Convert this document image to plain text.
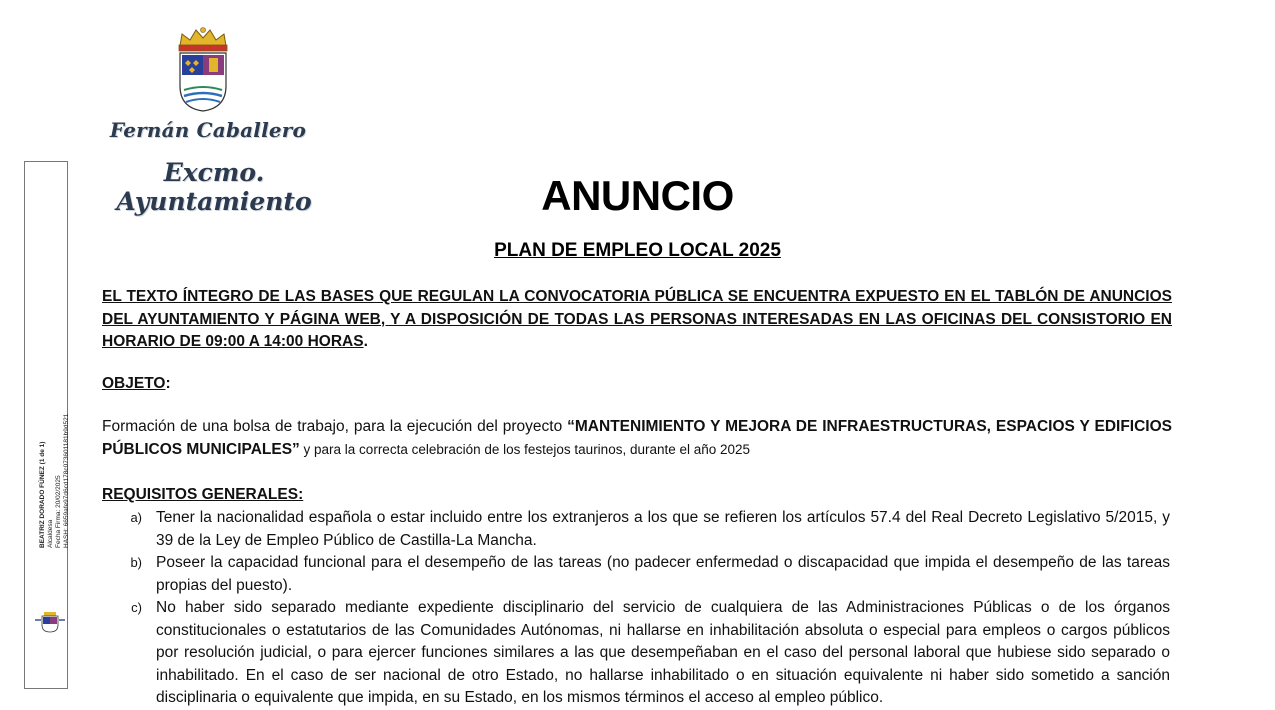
Fernán Caballero
Excmo. Ayuntamiento
BEATRIZ DORADO FÚNEZ (1 de 1) Alcaldesa Fecha Firma: 20/02/2025 HASH: 6659afe97d6cd178c073601181b9d521
ANUNCIO
PLAN DE EMPLEO LOCAL 2025
EL TEXTO ÍNTEGRO DE LAS BASES QUE REGULAN LA CONVOCATORIA PÚBLICA SE ENCUENTRA EXPUESTO EN EL TABLÓN DE ANUNCIOS DEL AYUNTAMIENTO Y PÁGINA WEB, Y A DISPOSICIÓN DE TODAS LAS PERSONAS INTERESADAS EN LAS OFICINAS DEL CONSISTORIO EN HORARIO DE 09:00 A 14:00 HORAS.
OBJETO:
Formación de una bolsa de trabajo, para la ejecución del proyecto “MANTENIMIENTO Y MEJORA DE INFRAESTRUCTURAS, ESPACIOS Y EDIFICIOS PÚBLICOS MUNICIPALES” y para la correcta celebración de los festejos taurinos, durante el año 2025
REQUISITOS GENERALES:
a) Tener la nacionalidad española o estar incluido entre los extranjeros a los que se refieren los artículos 57.4 del Real Decreto Legislativo 5/2015, y 39 de la Ley de Empleo Público de Castilla-La Mancha.
b) Poseer la capacidad funcional para el desempeño de las tareas (no padecer enfermedad o discapacidad que impida el desempeño de las tareas propias del puesto).
c) No haber sido separado mediante expediente disciplinario del servicio de cualquiera de las Administraciones Públicas o de los órganos constitucionales o estatutarios de las Comunidades Autónomas, ni hallarse en inhabilitación absoluta o especial para empleos o cargos públicos por resolución judicial, o para ejercer funciones similares a las que desempeñaban en el caso del personal laboral que hubiese sido separado o inhabilitado. En el caso de ser nacional de otro Estado, no hallarse inhabilitado o en situación equivalente ni haber sido sometido a sanción disciplinaria o equivalente que impida, en su Estado, en los mismos términos el acceso al empleo público.
